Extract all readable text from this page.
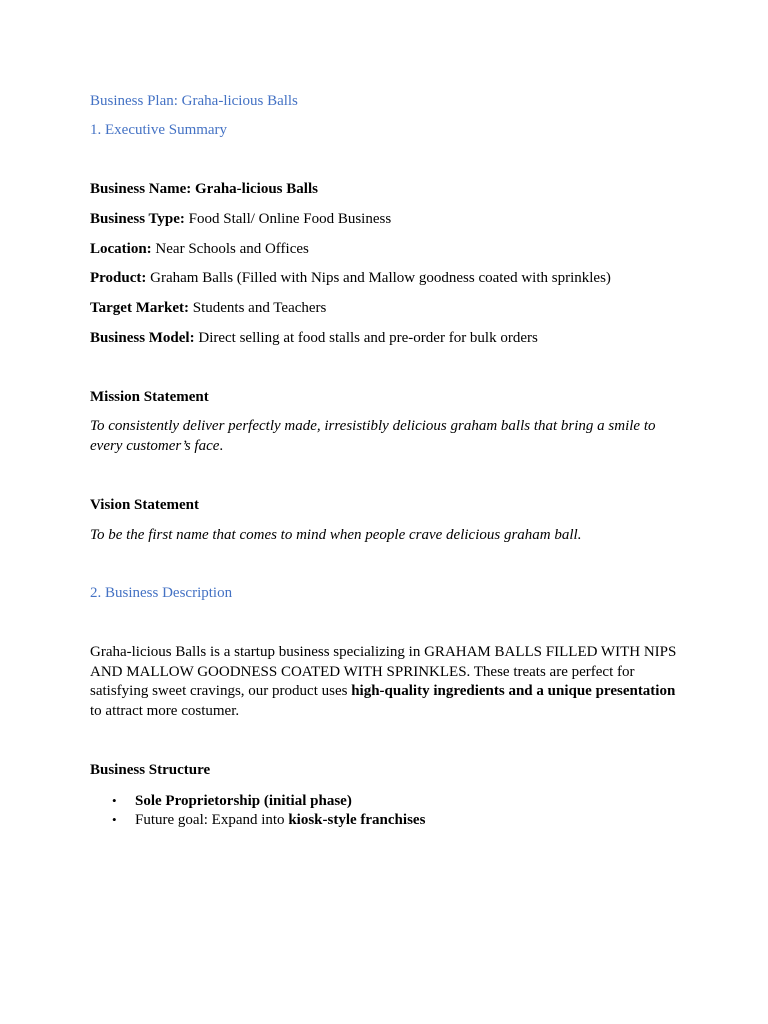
Business Plan: Graha-licious Balls
1. Executive Summary
Business Name: Graha-licious Balls
Business Type: Food Stall/ Online Food Business
Location: Near Schools and Offices
Product: Graham Balls (Filled with Nips and Mallow goodness coated with sprinkles)
Target Market: Students and Teachers
Business Model: Direct selling at food stalls and pre-order for bulk orders
Mission Statement
To consistently deliver perfectly made, irresistibly delicious graham balls that bring a smile to every customer’s face.
Vision Statement
To be the first name that comes to mind when people crave delicious graham ball.
2. Business Description
Graha-licious Balls is a startup business specializing in GRAHAM BALLS FILLED WITH NIPS AND MALLOW GOODNESS COATED WITH SPRINKLES. These treats are perfect for satisfying sweet cravings, our product uses high-quality ingredients and a unique presentation to attract more costumer.
Business Structure
• Sole Proprietorship (initial phase)
• Future goal: Expand into kiosk-style franchises
